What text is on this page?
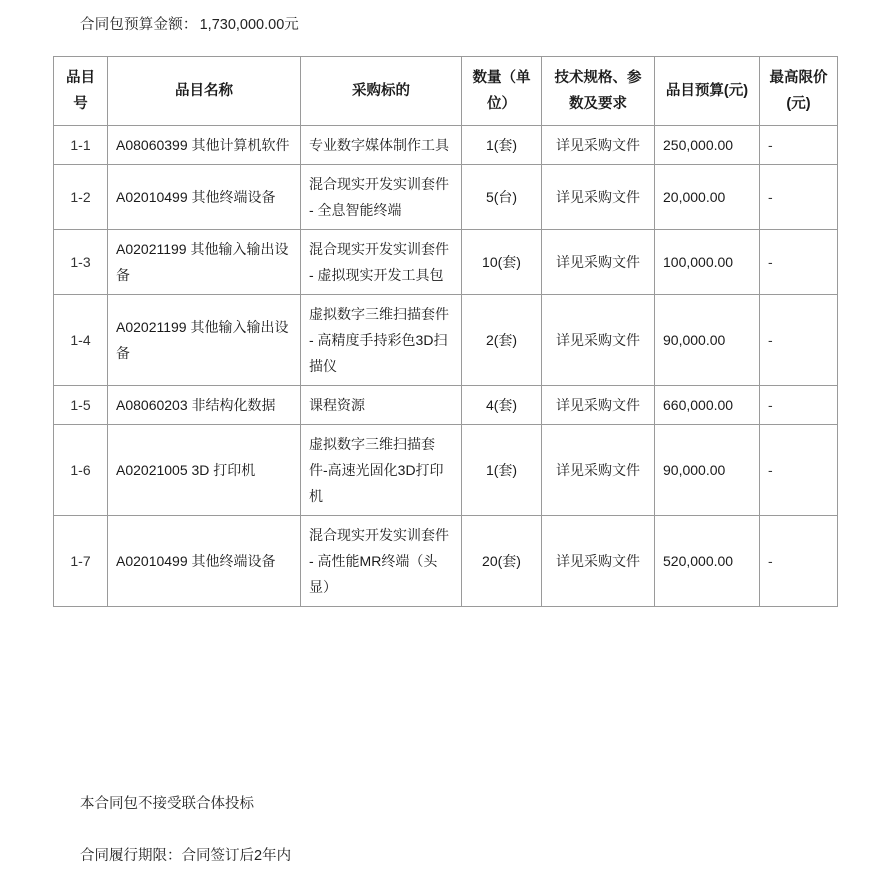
合同包预算金额： 1,730,000.00元
品目号	品目名称	采购标的	数量（单位）	技术规格、参数及要求	品目预算(元)	最高限价(元)
1-1	A08060399 其他计算机软件	专业数字媒体制作工具	1(套)	详见采购文件	250,000.00	-
1-2	A02010499 其他终端设备	混合现实开发实训套件 - 全息智能终端	5(台)	详见采购文件	20,000.00	-
1-3	A02021199 其他输入输出设备	混合现实开发实训套件 - 虚拟现实开发工具包	10(套)	详见采购文件	100,000.00	-
1-4	A02021199 其他输入输出设备	虚拟数字三维扫描套件 - 高精度手持彩色3D扫描仪	2(套)	详见采购文件	90,000.00	-
1-5	A08060203 非结构化数据	课程资源	4(套)	详见采购文件	660,000.00	-
1-6	A02021005 3D 打印机	虚拟数字三维扫描套件-高速光固化3D打印机	1(套)	详见采购文件	90,000.00	-
1-7	A02010499 其他终端设备	混合现实开发实训套件 - 高性能MR终端（头显）	20(套)	详见采购文件	520,000.00	-
本合同包不接受联合体投标
合同履行期限：合同签订后2年内
